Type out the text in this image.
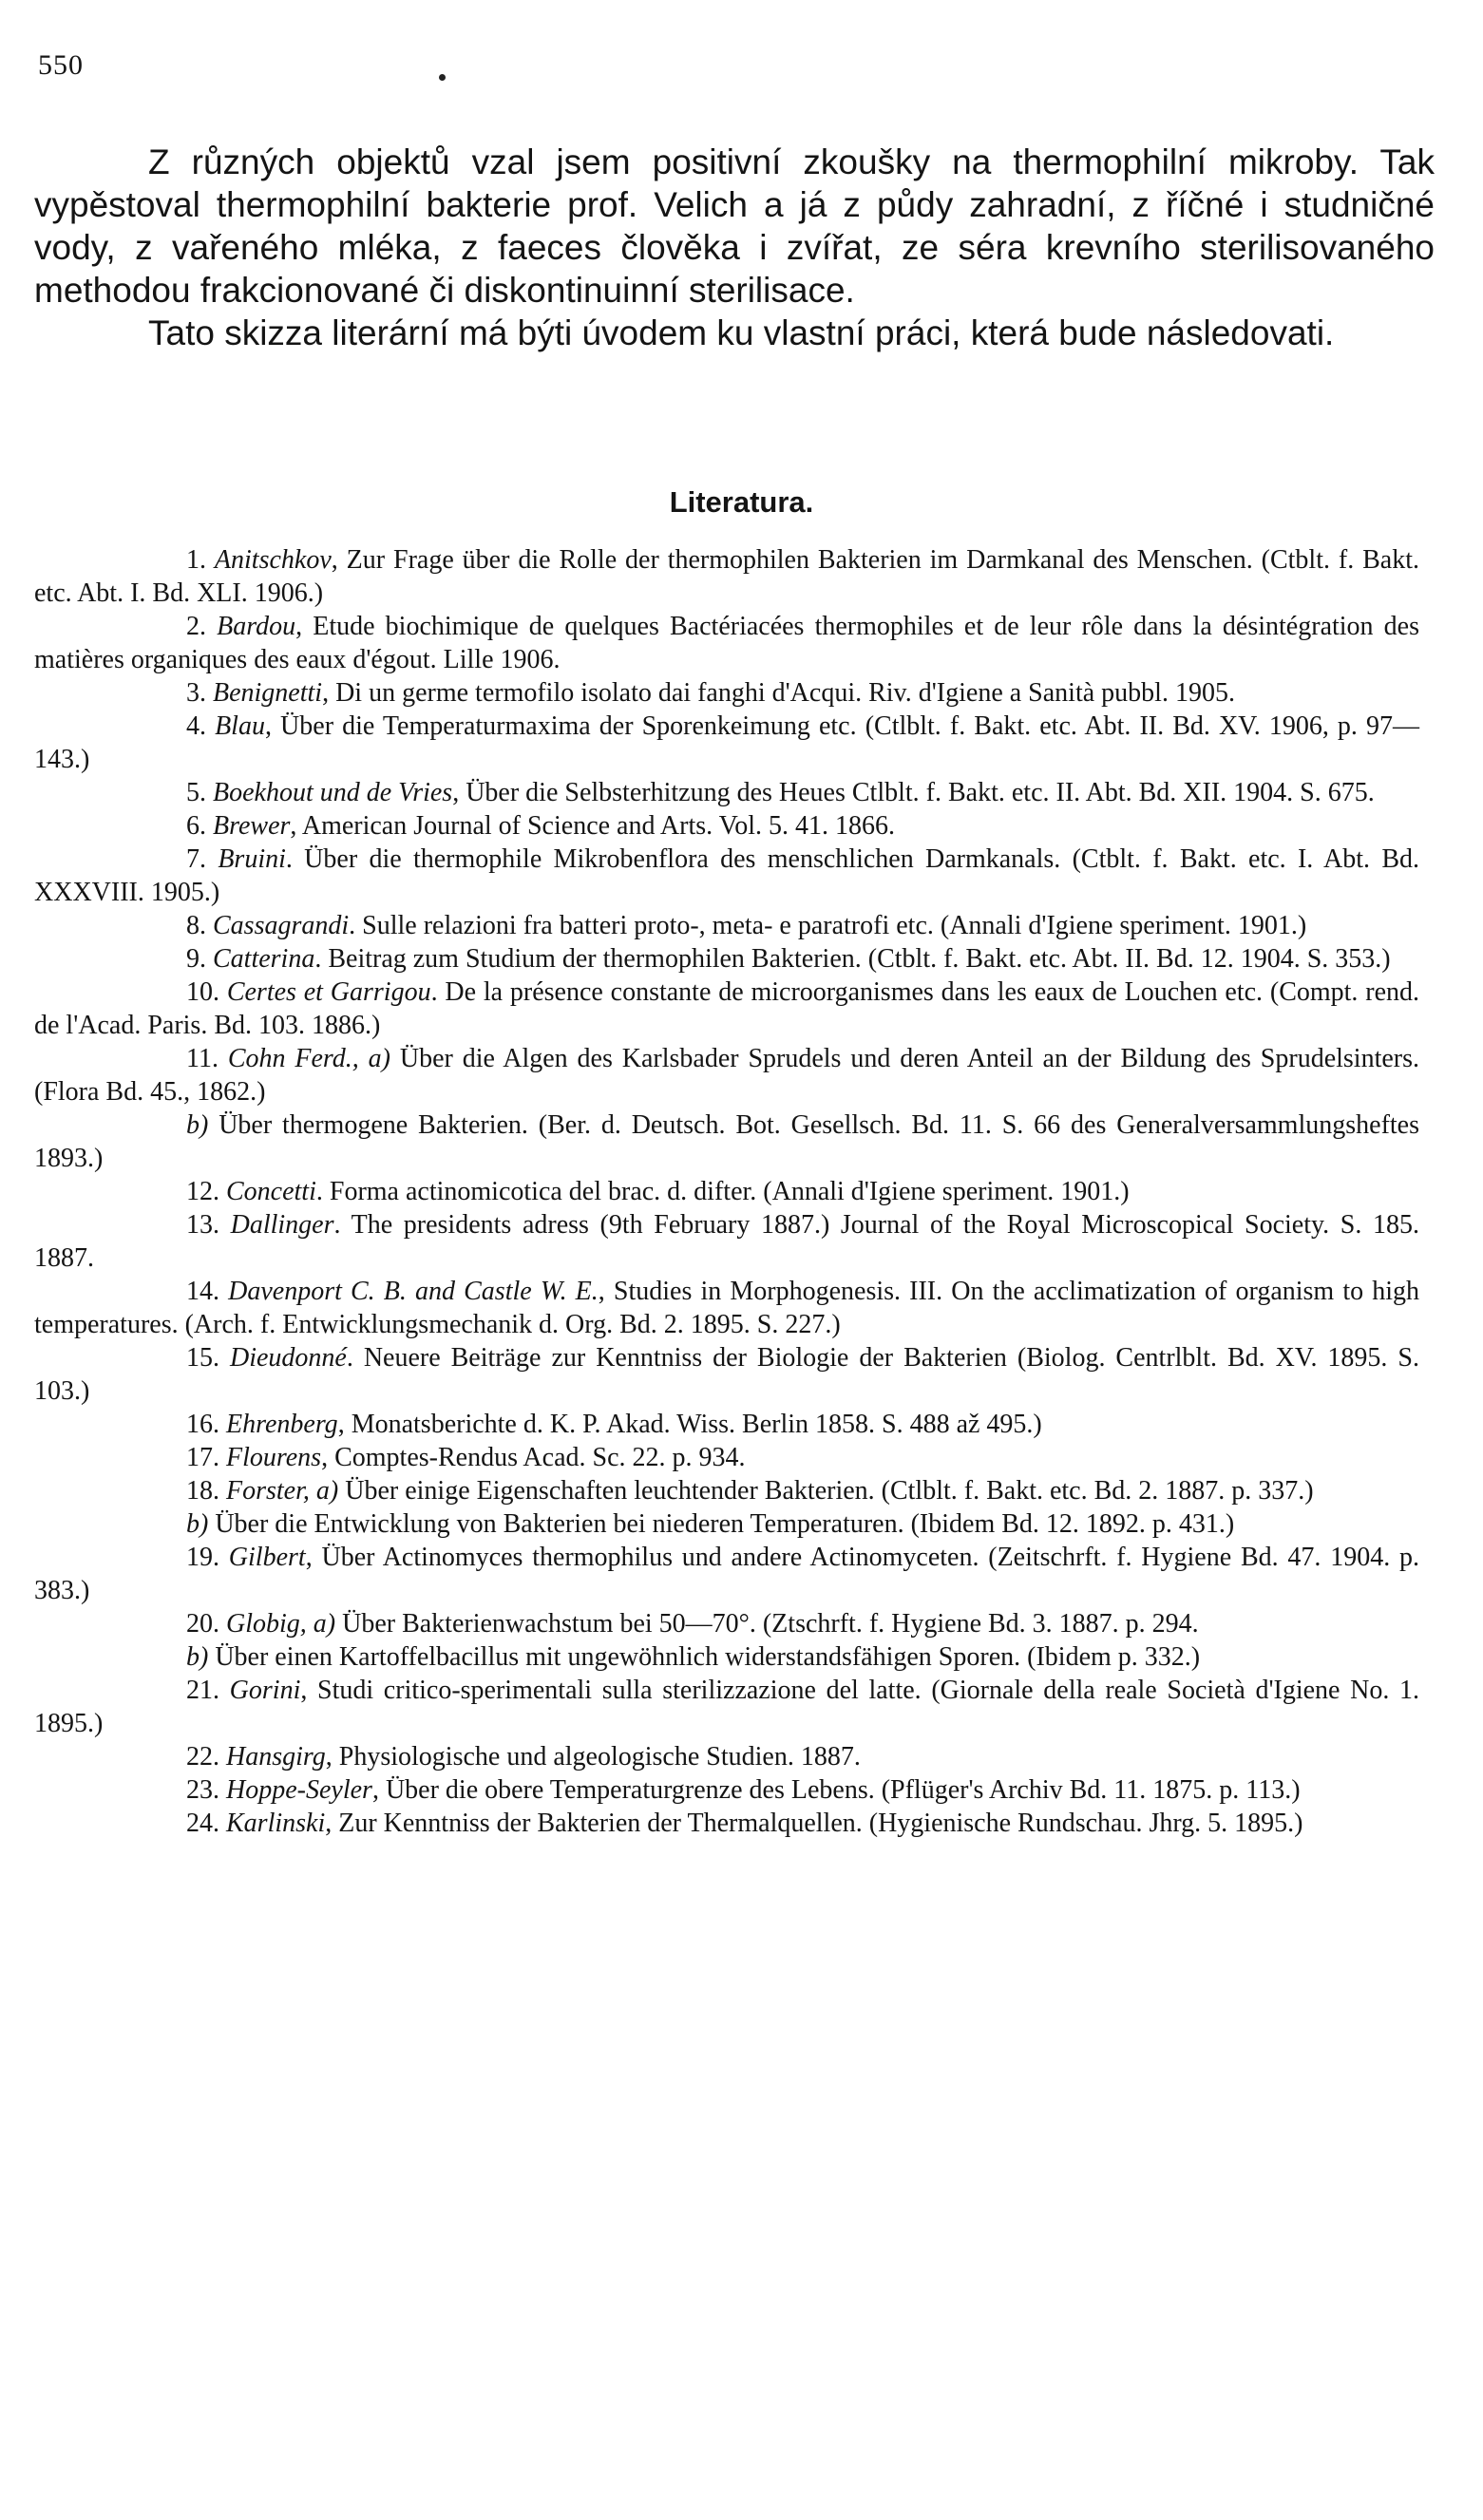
550

Z různých objektů vzal jsem positivní zkoušky na thermophilní mikroby. Tak vypěstoval thermophilní bakterie prof. Velich a já z půdy zahradní, z říčné i studničné vody, z vařeného mléka, z faeces člověka i zvířat, ze séra krevního sterilisovaného methodou frakcionované či diskontinuinní sterilisace.

Tato skizza literární má býti úvodem ku vlastní práci, která bude následovati.

Literatura.

1. Anitschkov, Zur Frage über die Rolle der thermophilen Bakterien im Darmkanal des Menschen. (Ctblt. f. Bakt. etc. Abt. I. Bd. XLI. 1906.)

2. Bardou, Etude biochimique de quelques Bactériacées thermophiles et de leur rôle dans la désintégration des matières organiques des eaux d'égout. Lille 1906.

3. Benignetti, Di un germe termofilo isolato dai fanghi d'Acqui. Riv. d'Igiene a Sanità pubbl. 1905.

4. Blau, Über die Temperaturmaxima der Sporenkeimung etc. (Ctlblt. f. Bakt. etc. Abt. II. Bd. XV. 1906, p. 97—143.)

5. Boekhout und de Vries, Über die Selbsterhitzung des Heues Ctlblt. f. Bakt. etc. II. Abt. Bd. XII. 1904. S. 675.

6. Brewer, American Journal of Science and Arts. Vol. 5. 41. 1866.

7. Bruini. Über die thermophile Mikrobenflora des menschlichen Darmkanals. (Ctblt. f. Bakt. etc. I. Abt. Bd. XXXVIII. 1905.)

8. Cassagrandi. Sulle relazioni fra batteri proto-, meta- e paratrofi etc. (Annali d'Igiene speriment. 1901.)

9. Catterina. Beitrag zum Studium der thermophilen Bakterien. (Ctblt. f. Bakt. etc. Abt. II. Bd. 12. 1904. S. 353.)

10. Certes et Garrigou. De la présence constante de microorganismes dans les eaux de Louchen etc. (Compt. rend. de l'Acad. Paris. Bd. 103. 1886.)

11. Cohn Ferd., a) Über die Algen des Karlsbader Sprudels und deren Anteil an der Bildung des Sprudelsinters. (Flora Bd. 45., 1862.)

b) Über thermogene Bakterien. (Ber. d. Deutsch. Bot. Gesellsch. Bd. 11. S. 66 des Generalversammlungsheftes 1893.)

12. Concetti. Forma actinomicotica del brac. d. difter. (Annali d'Igiene speriment. 1901.)

13. Dallinger. The presidents adress (9th February 1887.) Journal of the Royal Microscopical Society. S. 185. 1887.

14. Davenport C. B. and Castle W. E., Studies in Morphogenesis. III. On the acclimatization of organism to high temperatures. (Arch. f. Entwicklungsmechanik d. Org. Bd. 2. 1895. S. 227.)

15. Dieudonné. Neuere Beiträge zur Kenntniss der Biologie der Bakterien (Biolog. Centrlblt. Bd. XV. 1895. S. 103.)

16. Ehrenberg, Monatsberichte d. K. P. Akad. Wiss. Berlin 1858. S. 488 až 495.)

17. Flourens, Comptes-Rendus Acad. Sc. 22. p. 934.

18. Forster, a) Über einige Eigenschaften leuchtender Bakterien. (Ctlblt. f. Bakt. etc. Bd. 2. 1887. p. 337.)

b) Über die Entwicklung von Bakterien bei niederen Temperaturen. (Ibidem Bd. 12. 1892. p. 431.)

19. Gilbert, Über Actinomyces thermophilus und andere Actinomyceten. (Zeitschrft. f. Hygiene Bd. 47. 1904. p. 383.)

20. Globig, a) Über Bakterienwachstum bei 50—70°. (Ztschrft. f. Hygiene Bd. 3. 1887. p. 294.

b) Über einen Kartoffelbacillus mit ungewöhnlich widerstandsfähigen Sporen. (Ibidem p. 332.)

21. Gorini, Studi critico-sperimentali sulla sterilizzazione del latte. (Giornale della reale Società d'Igiene No. 1. 1895.)

22. Hansgirg, Physiologische und algeologische Studien. 1887.

23. Hoppe-Seyler, Über die obere Temperaturgrenze des Lebens. (Pflüger's Archiv Bd. 11. 1875. p. 113.)

24. Karlinski, Zur Kenntniss der Bakterien der Thermalquellen. (Hygienische Rundschau. Jhrg. 5. 1895.)
